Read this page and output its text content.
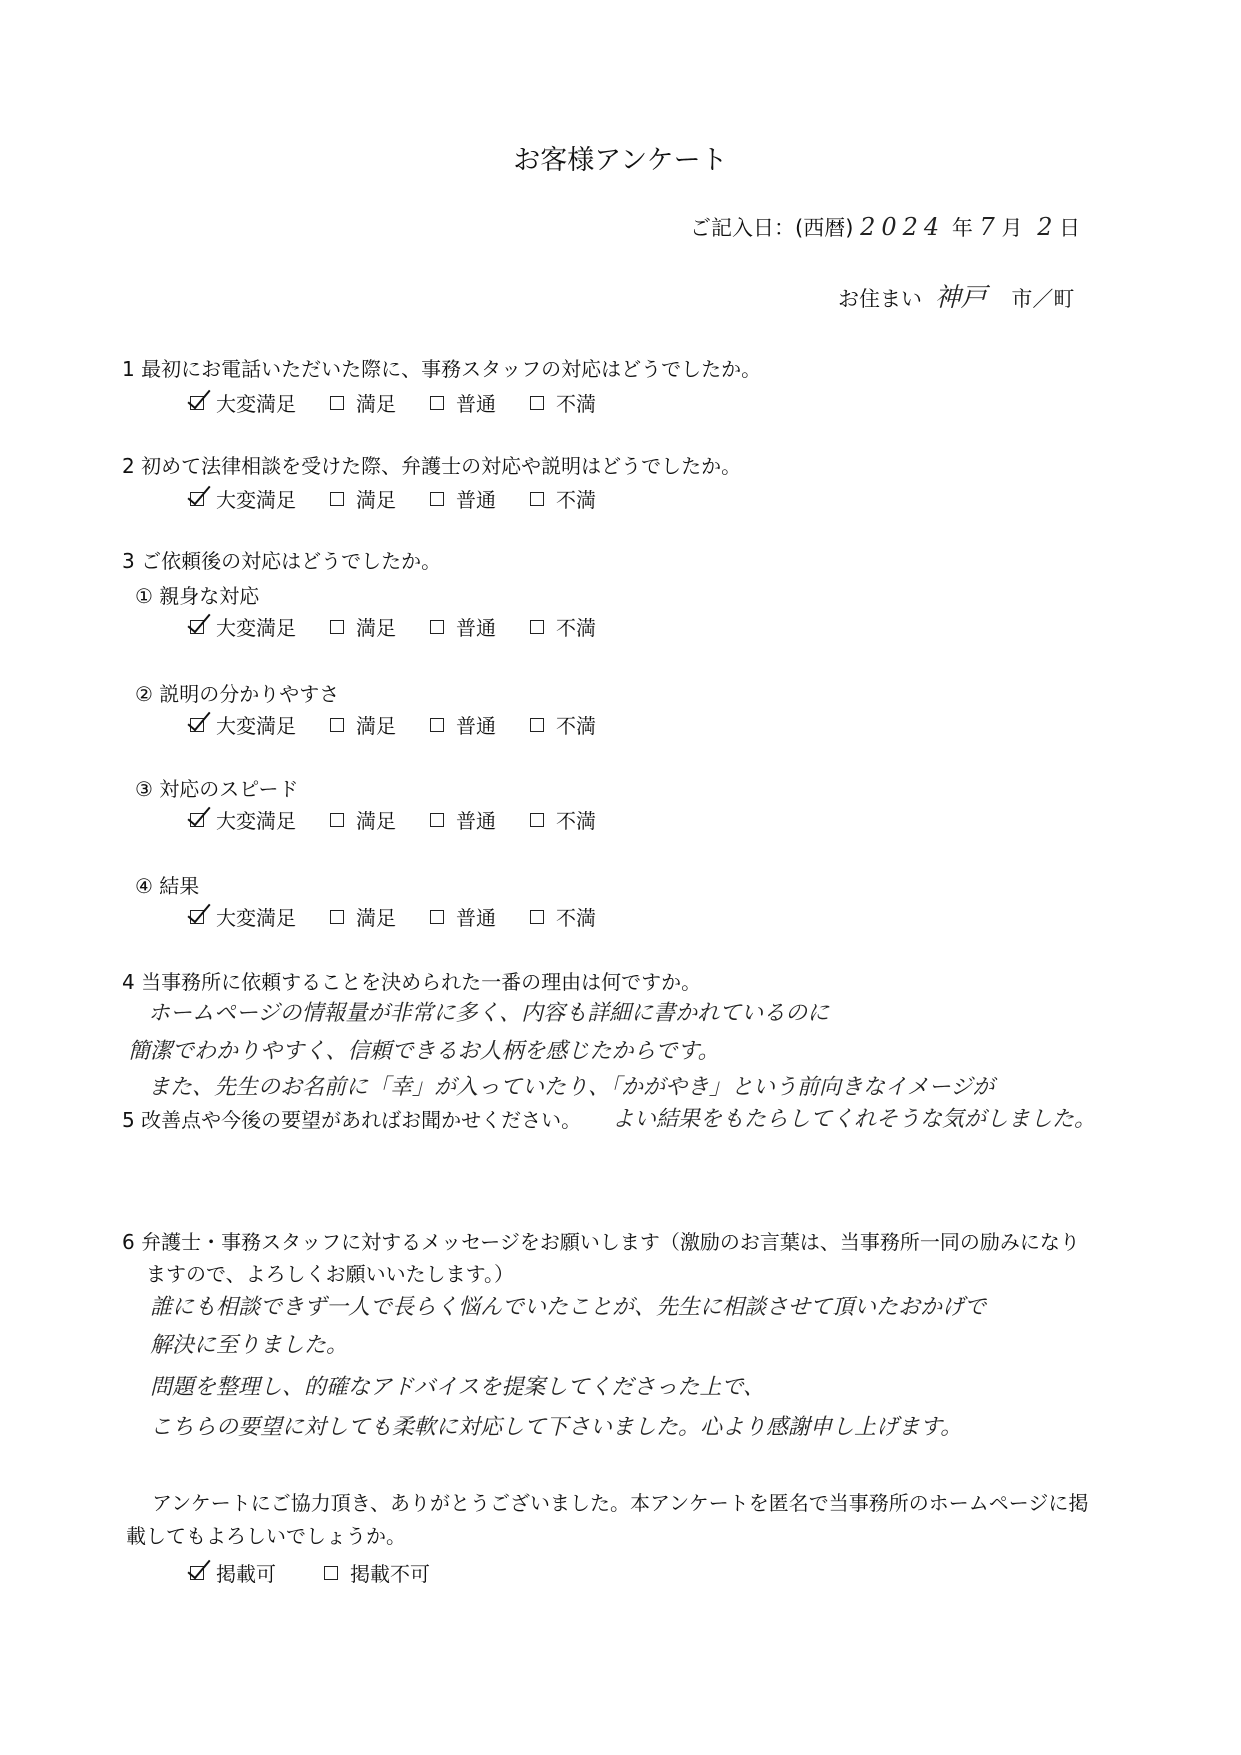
お客様アンケート
ご記入日：(西暦) 2024 年 7 月 2 日
お住まい 神戸 市／町
1 最初にお電話いただいた際に、事務スタッフの対応はどうでしたか。
大変満足	満足	普通	不満
2 初めて法律相談を受けた際、弁護士の対応や説明はどうでしたか。
大変満足	満足	普通	不満
3 ご依頼後の対応はどうでしたか。
① 親身な対応
大変満足	満足	普通	不満
② 説明の分かりやすさ
大変満足	満足	普通	不満
③ 対応のスピード
大変満足	満足	普通	不満
④ 結果
大変満足	満足	普通	不満
4 当事務所に依頼することを決められた一番の理由は何ですか。
ホームページの情報量が非常に多く、内容も詳細に書かれているのに
簡潔でわかりやすく、信頼できるお人柄を感じたからです。
また、先生のお名前に「幸」が入っていたり、「かがやき」という前向きなイメージが
5 改善点や今後の要望があればお聞かせください。 よい結果をもたらしてくれそうな気がしました。
6 弁護士・事務スタッフに対するメッセージをお願いします（激励のお言葉は、当事務所一同の励みになり
ますので、よろしくお願いいたします。）
誰にも相談できず一人で長らく悩んでいたことが、先生に相談させて頂いたおかげで
解決に至りました。
問題を整理し、的確なアドバイスを提案してくださった上で、
こちらの要望に対しても柔軟に対応して下さいました。心より感謝申し上げます。
アンケートにご協力頂き、ありがとうございました。本アンケートを匿名で当事務所のホームページに掲
載してもよろしいでしょうか。
掲載可	掲載不可
